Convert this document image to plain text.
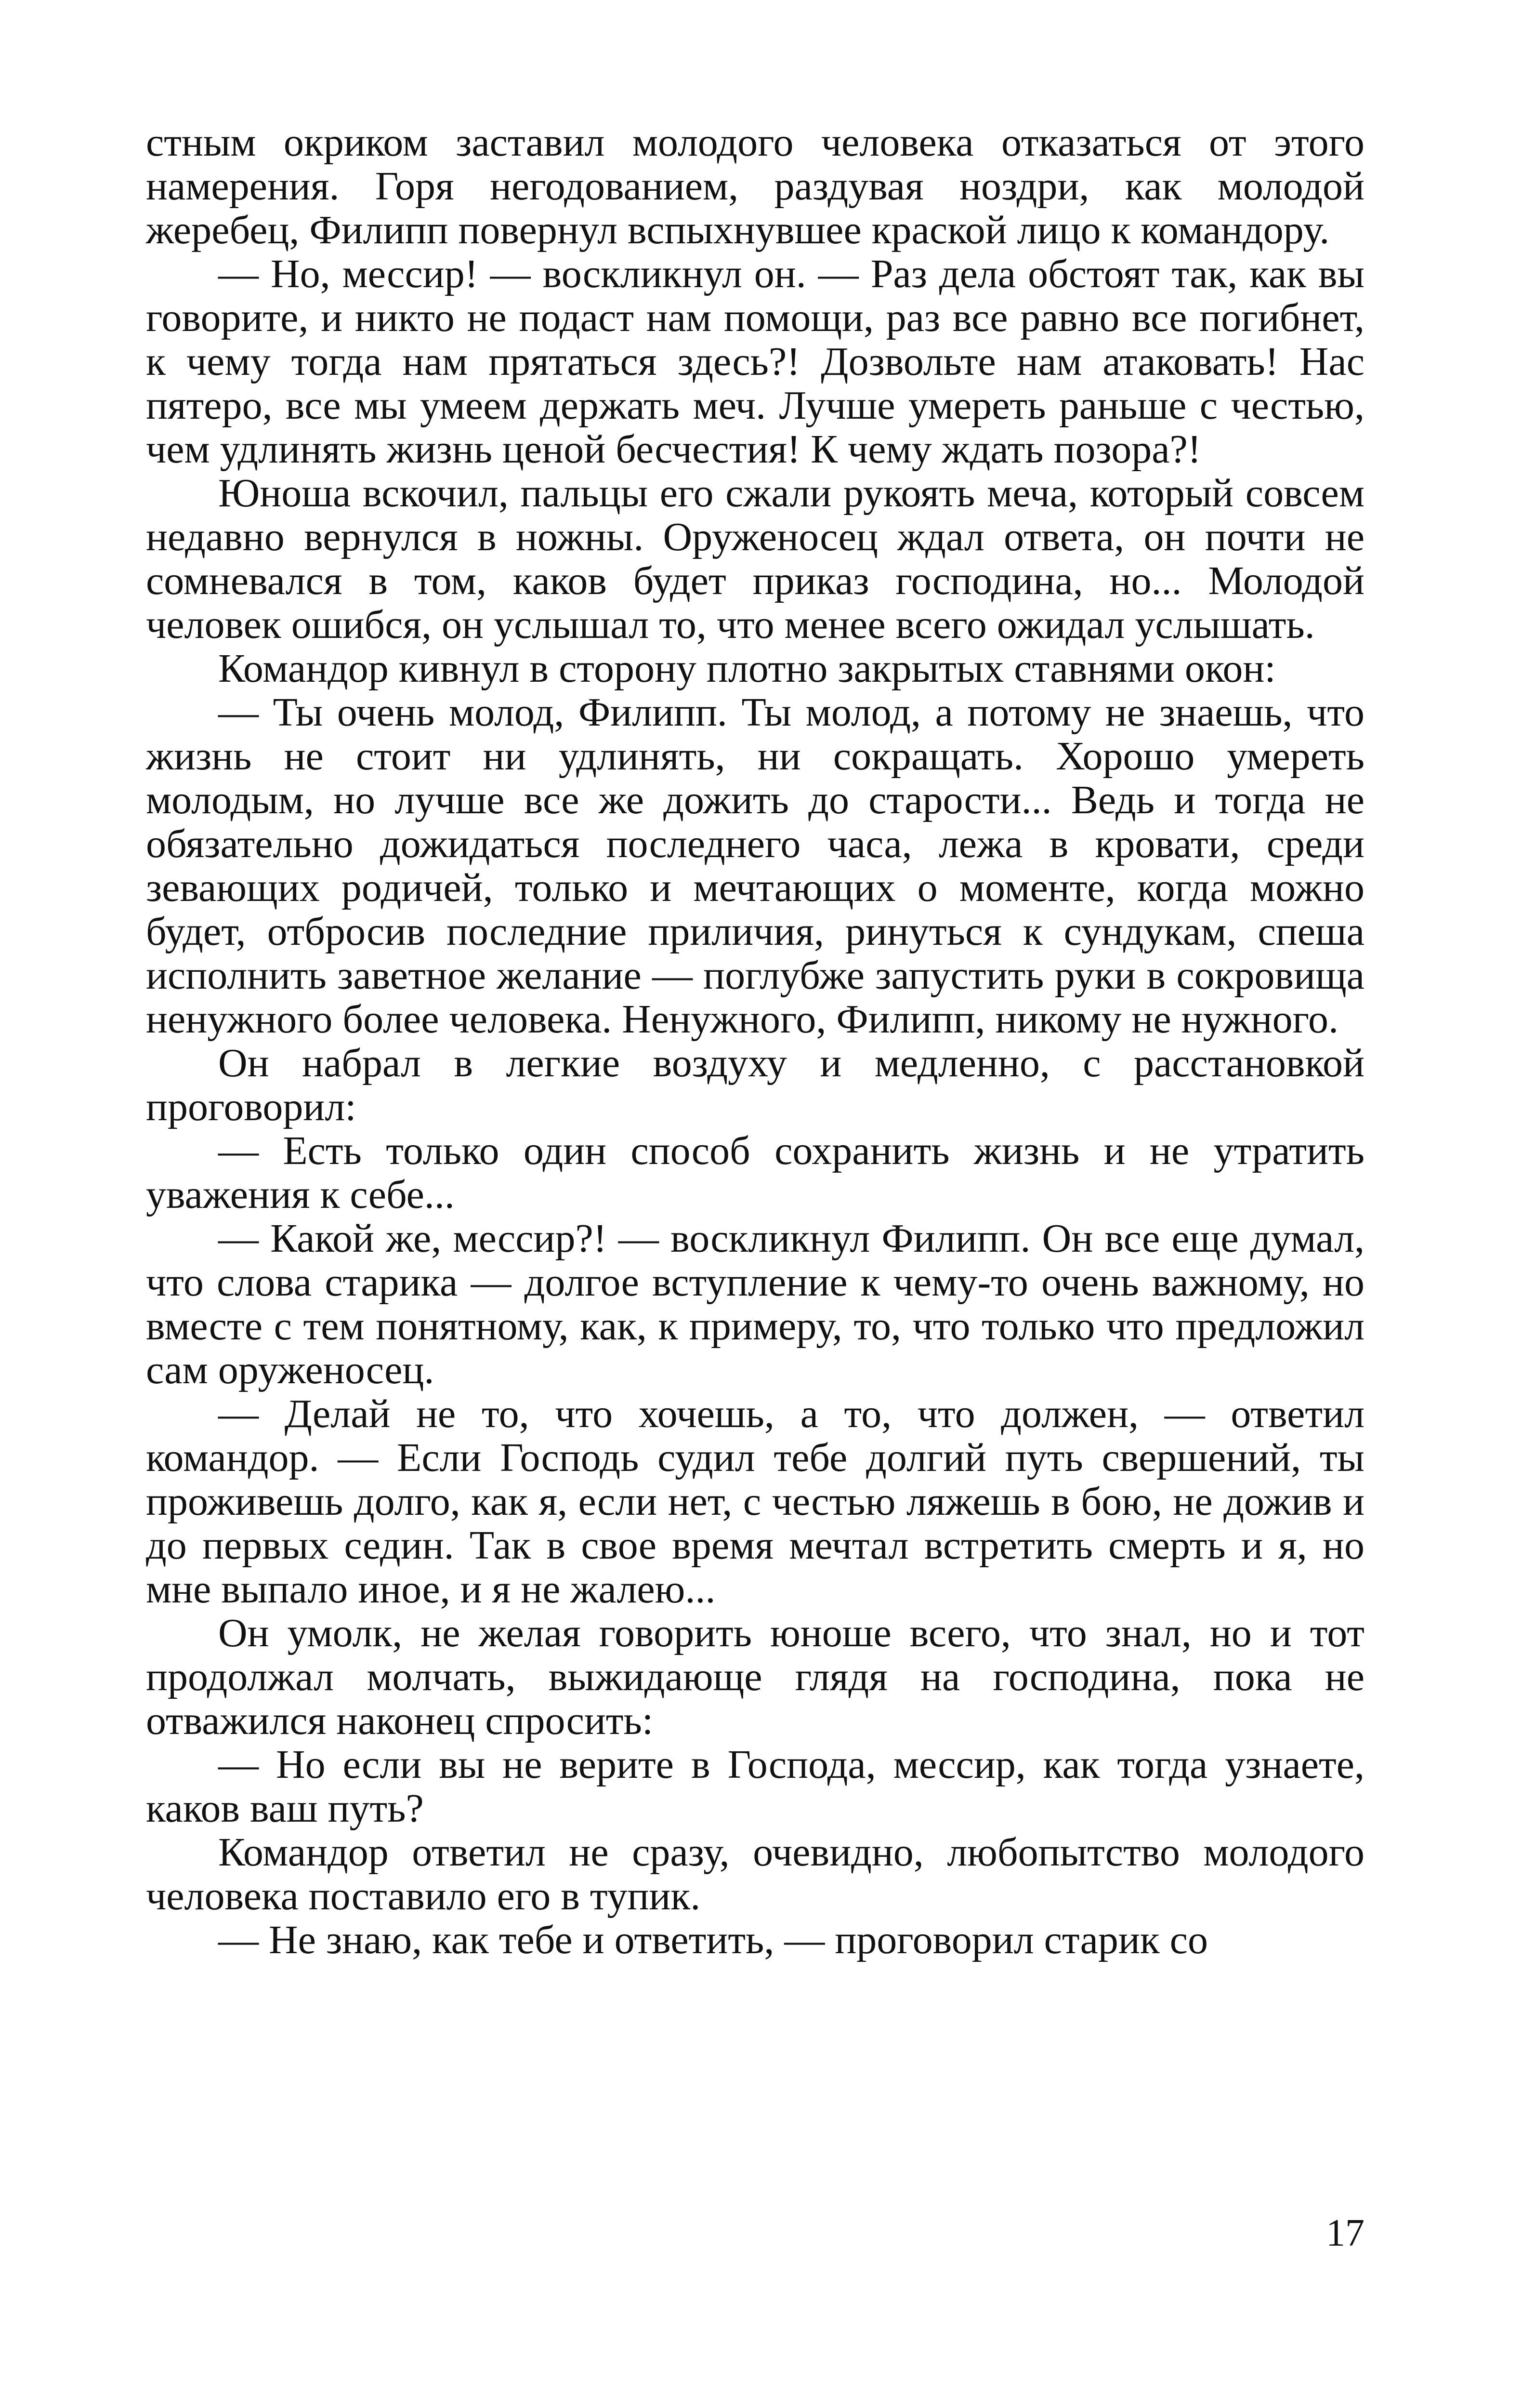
стным окриком заставил молодого человека отказаться от этого намерения. Горя негодованием, раздувая ноздри, как молодой жеребец, Филипп повернул вспыхнувшее краской лицо к командору.

— Но, мессир! — воскликнул он. — Раз дела обстоят так, как вы говорите, и никто не подаст нам помощи, раз все равно все погибнет, к чему тогда нам прятаться здесь?! Дозвольте нам атаковать! Нас пятеро, все мы умеем держать меч. Лучше умереть раньше с честью, чем удлинять жизнь ценой бесчестия! К чему ждать позора?!

Юноша вскочил, пальцы его сжали рукоять меча, который совсем недавно вернулся в ножны. Оруженосец ждал ответа, он почти не сомневался в том, каков будет приказ господина, но... Молодой человек ошибся, он услышал то, что менее всего ожидал услышать.

Командор кивнул в сторону плотно закрытых ставнями окон:

— Ты очень молод, Филипп. Ты молод, а потому не знаешь, что жизнь не стоит ни удлинять, ни сокращать. Хорошо умереть молодым, но лучше все же дожить до старости... Ведь и тогда не обязательно дожидаться последнего часа, лежа в кровати, среди зевающих родичей, только и мечтающих о моменте, когда можно будет, отбросив последние приличия, ринуться к сундукам, спеша исполнить заветное желание — поглубже запустить руки в сокровища ненужного более человека. Ненужного, Филипп, никому не нужного.

Он набрал в легкие воздуху и медленно, с расстановкой проговорил:

— Есть только один способ сохранить жизнь и не утратить уважения к себе...

— Какой же, мессир?! — воскликнул Филипп. Он все еще думал, что слова старика — долгое вступление к чему-то очень важному, но вместе с тем понятному, как, к примеру, то, что только что предложил сам оруженосец.

— Делай не то, что хочешь, а то, что должен, — ответил командор. — Если Господь судил тебе долгий путь свершений, ты проживешь долго, как я, если нет, с честью ляжешь в бою, не дожив и до первых седин. Так в свое время мечтал встретить смерть и я, но мне выпало иное, и я не жалею...

Он умолк, не желая говорить юноше всего, что знал, но и тот продолжал молчать, выжидающе глядя на господина, пока не отважился наконец спросить:

— Но если вы не верите в Господа, мессир, как тогда узнаете, каков ваш путь?

Командор ответил не сразу, очевидно, любопытство молодого человека поставило его в тупик.

— Не знаю, как тебе и ответить, — проговорил старик со

17
